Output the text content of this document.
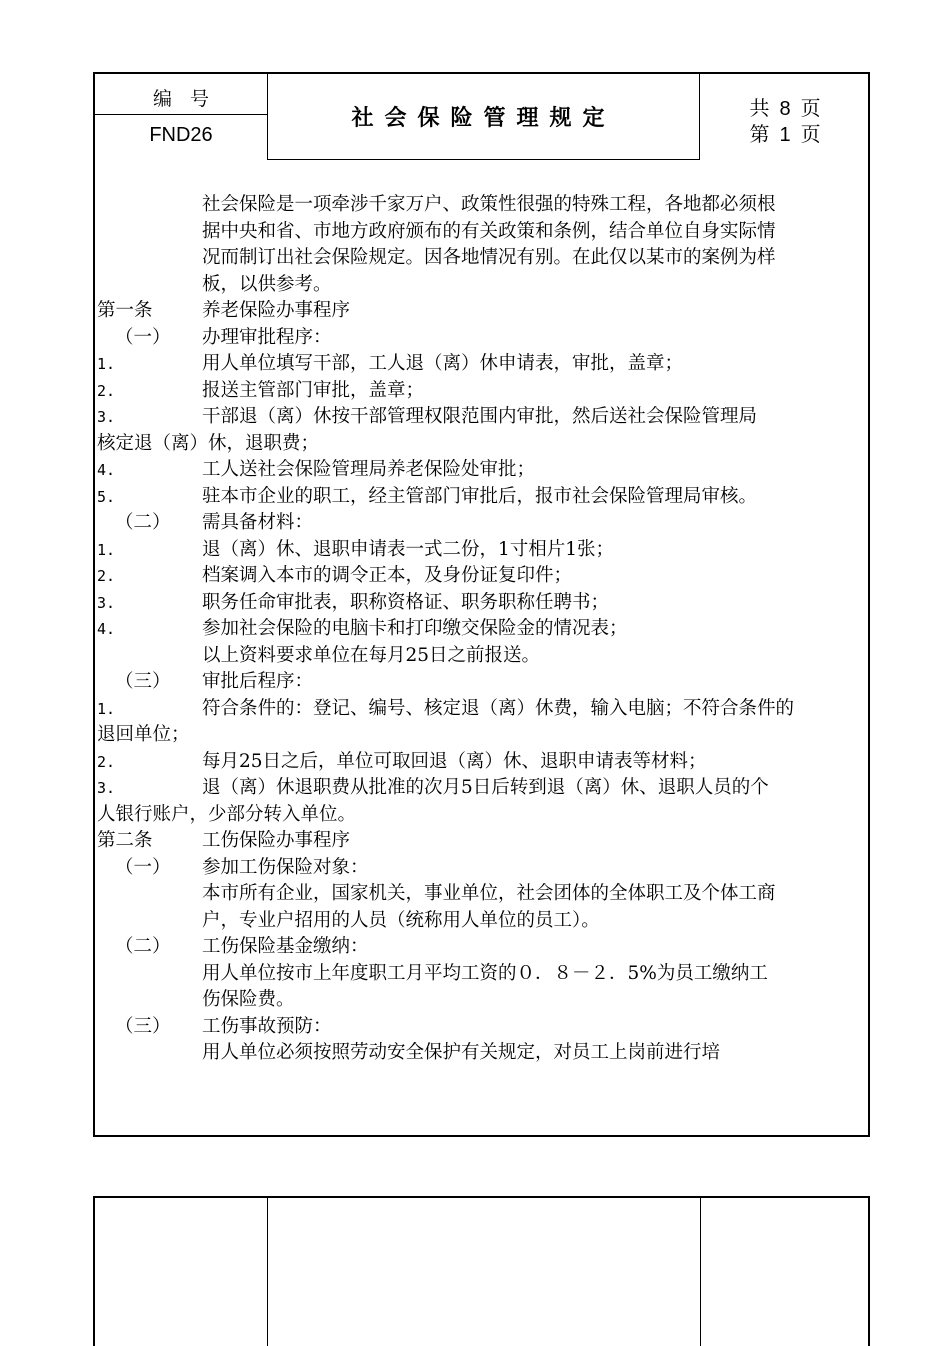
编号
FND26
社会保险管理规定	共 8 页
第 1 页
社会保险是一项牵涉千家万户、政策性很强的特殊工程，各地都必须根
据中央和省、市地方政府颁布的有关政策和条例，结合单位自身实际情
况而制订出社会保险规定。因各地情况有别。在此仅以某市的案例为样
板，以供参考。
第一条	养老保险办事程序
（一） 办理审批程序：
1.	用人单位填写干部，工人退（离）休申请表，审批，盖章；
2.	报送主管部门审批，盖章；
3.	干部退（离）休按干部管理权限范围内审批，然后送社会保险管理局
核定退（离）休，退职费；
4.	工人送社会保险管理局养老保险处审批；
5.	驻本市企业的职工，经主管部门审批后，报市社会保险管理局审核。
（二） 需具备材料：
1.	退（离）休、退职申请表一式二份，1寸相片1张；
2.	档案调入本市的调令正本，及身份证复印件；
3.	职务任命审批表，职称资格证、职务职称任聘书；
4.	参加社会保险的电脑卡和打印缴交保险金的情况表；
以上资料要求单位在每月25日之前报送。
（三） 审批后程序：
1.	符合条件的：登记、编号、核定退（离）休费，输入电脑；不符合条件的
退回单位；
2.	每月25日之后，单位可取回退（离）休、退职申请表等材料；
3.	退（离）休退职费从批准的次月5日后转到退（离）休、退职人员的个
人银行账户，少部分转入单位。
第二条	工伤保险办事程序
（一） 参加工伤保险对象：
本市所有企业，国家机关，事业单位，社会团体的全体职工及个体工商
户，专业户招用的人员（统称用人单位的员工）。
（二） 工伤保险基金缴纳：
用人单位按市上年度职工月平均工资的０．８－２．5%为员工缴纳工
伤保险费。
（三） 工伤事故预防：
用人单位必须按照劳动安全保护有关规定，对员工上岗前进行培
